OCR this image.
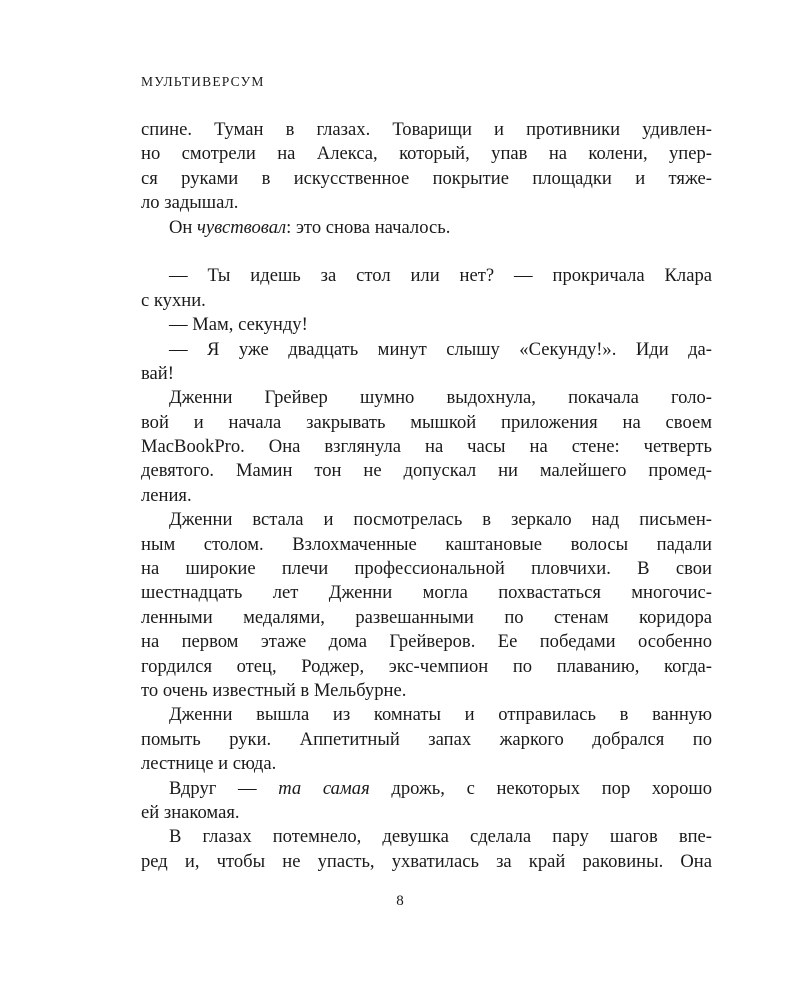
МУЛЬТИВЕРСУМ
спине. Туман в глазах. Товарищи и противники удивлен-
но смотрели на Алекса, который, упав на колени, упер-
ся руками в искусственное покрытие площадки и тяже-
ло задышал.
Он чувствовал: это снова началось.
— Ты идешь за стол или нет? — прокричала Клара
с кухни.
— Мам, секунду!
— Я уже двадцать минут слышу «Секунду!». Иди да-
вай!
Дженни Грейвер шумно выдохнула, покачала голо-
вой и начала закрывать мышкой приложения на своем
MacBookPro. Она взглянула на часы на стене: четверть
девятого. Мамин тон не допускал ни малейшего промед-
ления.
Дженни встала и посмотрелась в зеркало над письмен-
ным столом. Взлохмаченные каштановые волосы падали
на широкие плечи профессиональной пловчихи. В свои
шестнадцать лет Дженни могла похвастаться многочис-
ленными медалями, развешанными по стенам коридора
на первом этаже дома Грейверов. Ее победами особенно
гордился отец, Роджер, экс-чемпион по плаванию, когда-
то очень известный в Мельбурне.
Дженни вышла из комнаты и отправилась в ванную
помыть руки. Аппетитный запах жаркого добрался по
лестнице и сюда.
Вдруг — та самая дрожь, с некоторых пор хорошо
ей знакомая.
В глазах потемнело, девушка сделала пару шагов впе-
ред и, чтобы не упасть, ухватилась за край раковины. Она
8
